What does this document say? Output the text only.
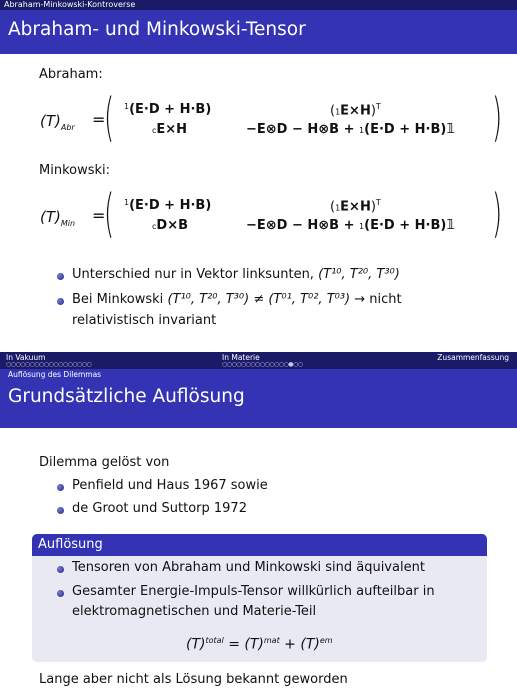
Abraham-Minkowski-Kontroverse
Abraham- und Minkowski-Tensor
Abraham:
$(T)_{Abr}$ =
( $^1$(E·D + H·B)	$(1E\times H)^T$
cE×H	−E⊗D − H⊗B + 1(E·D + H·B)𝟙 )
Minkowski:
$(T)_{Min}$ =
( $^1$(E·D + H·B)	$(1E\times H)^T$
cD×B	−E⊗D − H⊗B + 1(E·D + H·B)𝟙 )
Unterschied nur in Vektor linksunten, (T¹⁰, T²⁰, T³⁰)
Bei Minkowski (T¹⁰, T²⁰, T³⁰) ≠ (T⁰¹, T⁰², T⁰³) → nicht
relativistisch invariant
In Vakuum
○○○○○○○○○○○○○○○○○○
In Materie
○○○○○○○○○○○○○○●○○
Zusammenfassung
Auflösung des Dilemmas
Grundsätzliche Auflösung
Dilemma gelöst von
Penfield und Haus 1967 sowie
de Groot und Suttorp 1972
Auflösung
Tensoren von Abraham und Minkowski sind äquivalent
Gesamter Energie-Impuls-Tensor willkürlich aufteilbar in
elektromagnetischen und Materie-Teil
$(T)^{total} = (T)^{mat} + (T)^{em}$
Lange aber nicht als Lösung bekannt geworden
